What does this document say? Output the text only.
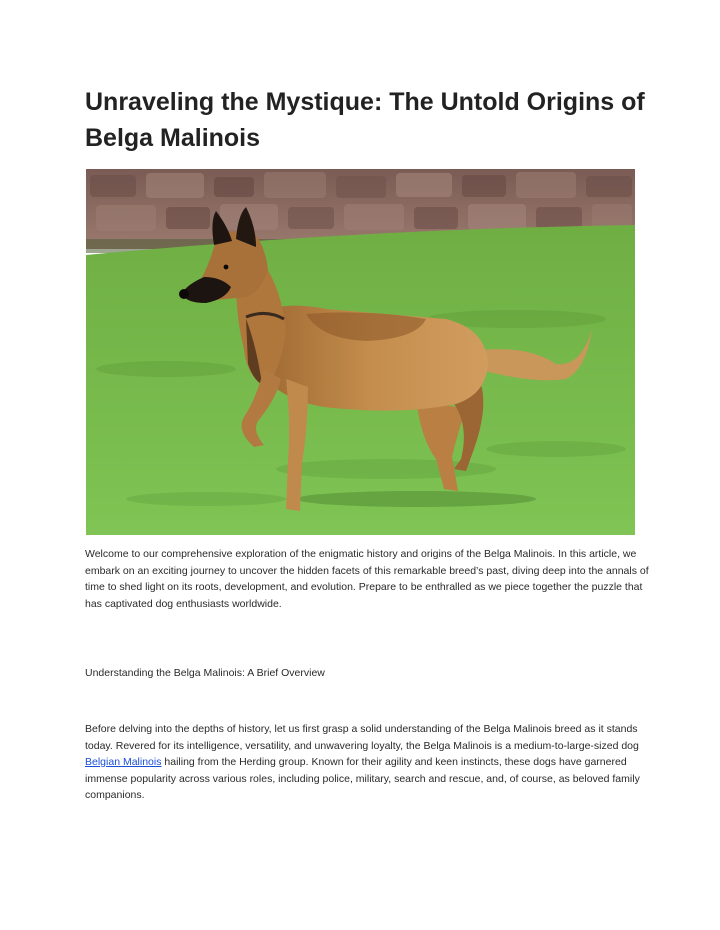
Unraveling the Mystique: The Untold Origins of Belga Malinois

Welcome to our comprehensive exploration of the enigmatic history and origins of the Belga Malinois. In this article, we embark on an exciting journey to uncover the hidden facets of this remarkable breed’s past, diving deep into the annals of time to shed light on its roots, development, and evolution. Prepare to be enthralled as we piece together the puzzle that has captivated dog enthusiasts worldwide.

Understanding the Belga Malinois: A Brief Overview

Before delving into the depths of history, let us first grasp a solid understanding of the Belga Malinois breed as it stands today. Revered for its intelligence, versatility, and unwavering loyalty, the Belga Malinois is a medium-to-large-sized dog Belgian Malinois hailing from the Herding group. Known for their agility and keen instincts, these dogs have garnered immense popularity across various roles, including police, military, search and rescue, and, of course, as beloved family companions.
